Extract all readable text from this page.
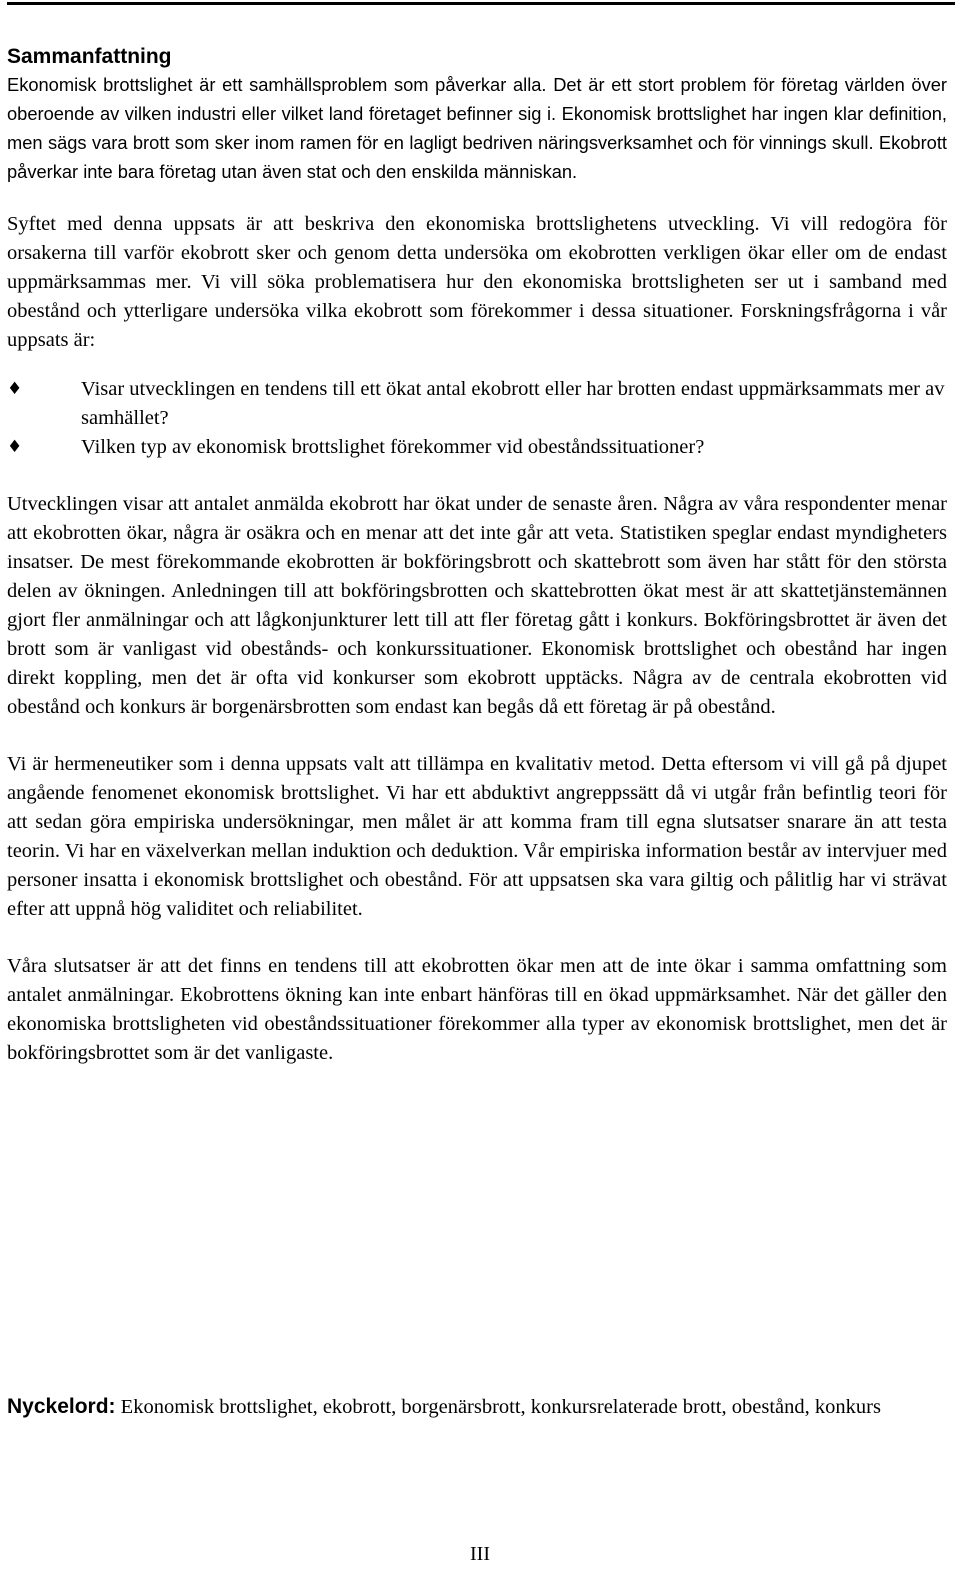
Sammanfattning

Ekonomisk brottslighet är ett samhällsproblem som påverkar alla. Det är ett stort problem för företag världen över oberoende av vilken industri eller vilket land företaget befinner sig i. Ekonomisk brottslighet har ingen klar definition, men sägs vara brott som sker inom ramen för en lagligt bedriven näringsverksamhet och för vinnings skull. Ekobrott påverkar inte bara företag utan även stat och den enskilda människan.

Syftet med denna uppsats är att beskriva den ekonomiska brottslighetens utveckling. Vi vill redogöra för orsakerna till varför ekobrott sker och genom detta undersöka om ekobrotten verkligen ökar eller om de endast uppmärksammas mer. Vi vill söka problematisera hur den ekonomiska brottsligheten ser ut i samband med obestånd och ytterligare undersöka vilka ekobrott som förekommer i dessa situationer. Forskningsfrågorna i vår uppsats är:

♦	Visar utvecklingen en tendens till ett ökat antal ekobrott eller har brotten endast uppmärksammats mer av samhället?
♦	Vilken typ av ekonomisk brottslighet förekommer vid obeståndssituationer?

Utvecklingen visar att antalet anmälda ekobrott har ökat under de senaste åren. Några av våra respondenter menar att ekobrotten ökar, några är osäkra och en menar att det inte går att veta. Statistiken speglar endast myndigheters insatser. De mest förekommande ekobrotten är bokföringsbrott och skattebrott som även har stått för den största delen av ökningen. Anledningen till att bokföringsbrotten och skattebrotten ökat mest är att skattetjänstemännen gjort fler anmälningar och att lågkonjunkturer lett till att fler företag gått i konkurs. Bokföringsbrottet är även det brott som är vanligast vid obestånds- och konkurssituationer. Ekonomisk brottslighet och obestånd har ingen direkt koppling, men det är ofta vid konkurser som ekobrott upptäcks. Några av de centrala ekobrotten vid obestånd och konkurs är borgenärsbrotten som endast kan begås då ett företag är på obestånd.

Vi är hermeneutiker som i denna uppsats valt att tillämpa en kvalitativ metod. Detta eftersom vi vill gå på djupet angående fenomenet ekonomisk brottslighet. Vi har ett abduktivt angreppssätt då vi utgår från befintlig teori för att sedan göra empiriska undersökningar, men målet är att komma fram till egna slutsatser snarare än att testa teorin. Vi har en växelverkan mellan induktion och deduktion. Vår empiriska information består av intervjuer med personer insatta i ekonomisk brottslighet och obestånd. För att uppsatsen ska vara giltig och pålitlig har vi strävat efter att uppnå hög validitet och reliabilitet.

Våra slutsatser är att det finns en tendens till att ekobrotten ökar men att de inte ökar i samma omfattning som antalet anmälningar. Ekobrottens ökning kan inte enbart hänföras till en ökad uppmärksamhet. När det gäller den ekonomiska brottsligheten vid obeståndssituationer förekommer alla typer av ekonomisk brottslighet, men det är bokföringsbrottet som är det vanligaste.

Nyckelord: Ekonomisk brottslighet, ekobrott, borgenärsbrott, konkursrelaterade brott, obestånd, konkurs

III
